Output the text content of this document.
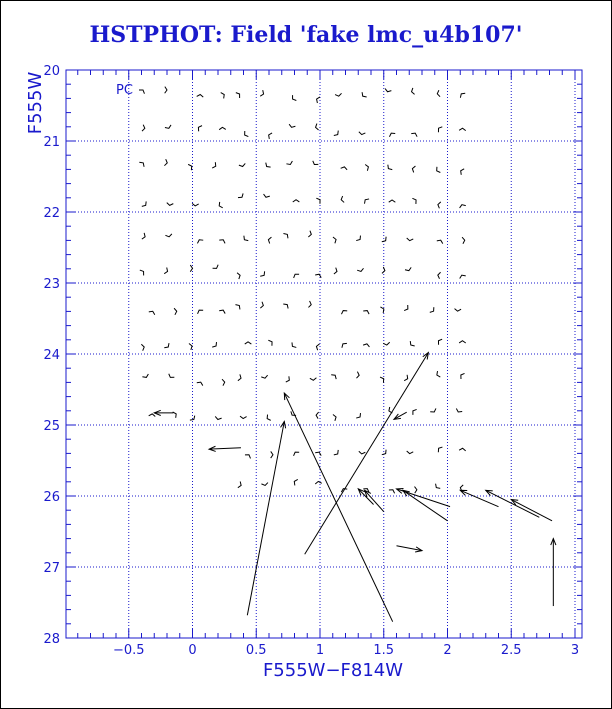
HSTPHOT: Field 'fake lmc_u4b107'
−0.5	0	0.5	1	1.5	2	2.5	3
20
21
22
23
24
25
26
27
28
F555W−F814W
F555W	PC
